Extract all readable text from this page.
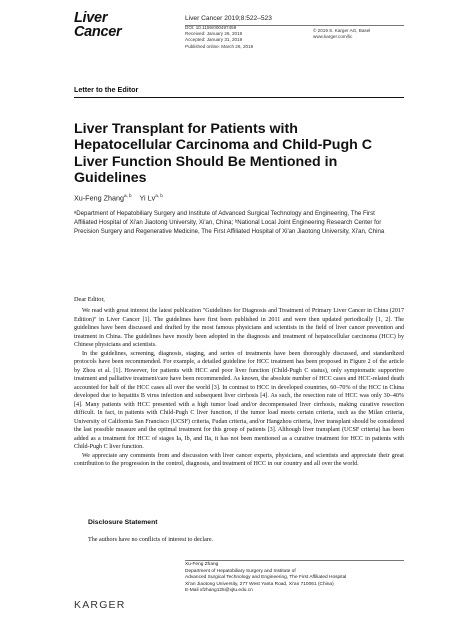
Liver
Cancer
Liver Cancer 2019;8:522–523
DOI: 10.1159/000497459
Received: January 26, 2019
Accepted: January 31, 2019
Published online: March 26, 2019
© 2019 S. Karger AG, Basel
www.karger.com/lic
Letter to the Editor
Liver Transplant for Patients with Hepatocellular Carcinoma and Child-Pugh C Liver Function Should Be Mentioned in Guidelines
Xu-Feng Zhang$^{a, b}$ Yi Lv$^{a, b}$
ᵃDepartment of Hepatobiliary Surgery and Institute of Advanced Surgical Technology and Engineering, The First Affiliated Hospital of Xi'an Jiaotong University, Xi'an, China; ᵇNational Local Joint Engineering Research Center for Precision Surgery and Regenerative Medicine, The First Affiliated Hospital of Xi'an Jiaotong University, Xi'an, China
Dear Editor,

We read with great interest the latest publication "Guidelines for Diagnosis and Treatment of Primary Liver Cancer in China (2017 Edition)" in Liver Cancer [1]. The guidelines have first been published in 2011 and were then updated periodically [1, 2]. The guidelines have been discussed and drafted by the most famous physicians and scientists in the field of liver cancer prevention and treatment in China. The guidelines have mostly been adopted in the diagnosis and treatment of hepatocellular carcinoma (HCC) by Chinese physicians and scientists.

In the guidelines, screening, diagnosis, staging, and series of treatments have been thoroughly discussed, and standardized protocols have been recommended. For example, a detailed guideline for HCC treatment has been proposed in Figure 2 of the article by Zhou et al. [1]. However, for patients with HCC and poor liver function (Child-Pugh C status), only symptomatic supportive treatment and palliative treatment/care have been recommended. As known, the absolute number of HCC cases and HCC-related death accounted for half of the HCC cases all over the world [3]. In contrast to HCC in developed countries, 60–70% of the HCC in China developed due to hepatitis B virus infection and subsequent liver cirrhosis [4]. As such, the resection rate of HCC was only 30–40% [4]. Many patients with HCC presented with a high tumor load and/or decompensated liver cirrhosis, making curative resection difficult. In fact, in patients with Child-Pugh C liver function, if the tumor load meets certain criteria, such as the Milan criteria, University of California San Francisco (UCSF) criteria, Fudan criteria, and/or Hangzhou criteria, liver transplant should be considered the last possible measure and the optimal treatment for this group of patients [3]. Although liver transplant (UCSF criteria) has been added as a treatment for HCC of stages Ia, Ib, and IIa, it has not been mentioned as a curative treatment for HCC in patients with Child-Pugh C liver function.

We appreciate any comments from and discussion with liver cancer experts, physicians, and scientists and appreciate their great contribution to the progression in the control, diagnosis, and treatment of HCC in our country and all over the world.

Disclosure Statement
The authors have no conflicts of interest to declare.
Xu-Feng Zhang
Department of Hepatobiliary Surgery and Institute of
Advanced Surgical Technology and Engineering, The First Affiliated Hospital
Xi'an Jiaotong University, 277 West Yanta Road, Xi'an 710061 (China)
E-Mail xfzhang125@xjtu.edu.cn
KARGER
